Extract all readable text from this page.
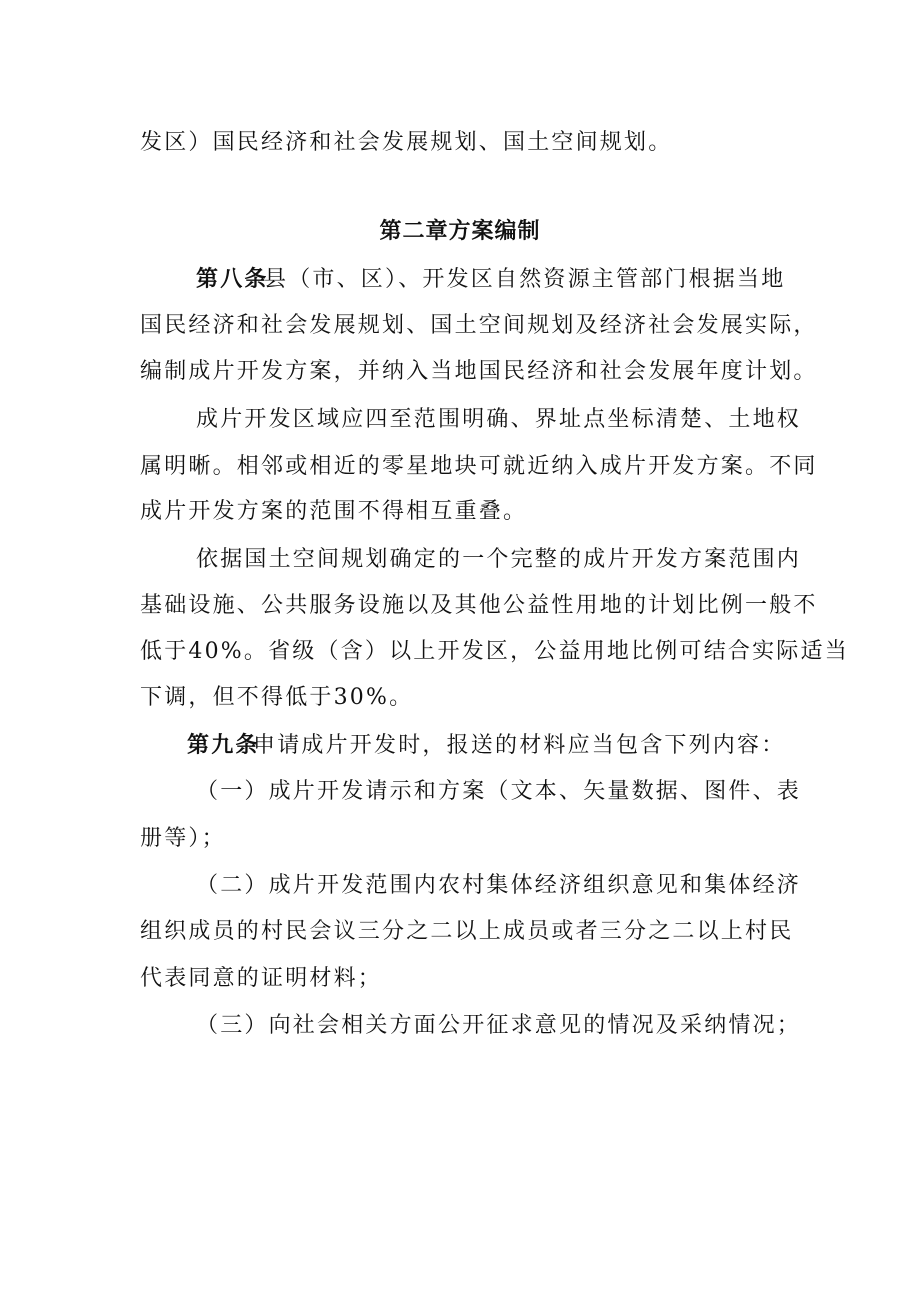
发区）国民经济和社会发展规划、国土空间规划。

第二章方案编制

第八条

县（市、区）、开发区自然资源主管部门根据当地

国民经济和社会发展规划、国土空间规划及经济社会发展实际，

编制成片开发方案，并纳入当地国民经济和社会发展年度计划。

成片开发区域应四至范围明确、界址点坐标清楚、土地权

属明晰。相邻或相近的零星地块可就近纳入成片开发方案。不同

成片开发方案的范围不得相互重叠。

依据国土空间规划确定的一个完整的成片开发方案范围内

基础设施、公共服务设施以及其他公益性用地的计划比例一般不

低于40%。省级（含）以上开发区，公益用地比例可结合实际适当

下调，但不得低于30%。

第九条

申请成片开发时，报送的材料应当包含下列内容：

（一）成片开发请示和方案（文本、矢量数据、图件、表

册等）；

（二）成片开发范围内农村集体经济组织意见和集体经济

组织成员的村民会议三分之二以上成员或者三分之二以上村民

代表同意的证明材料；

（三）向社会相关方面公开征求意见的情况及采纳情况；
